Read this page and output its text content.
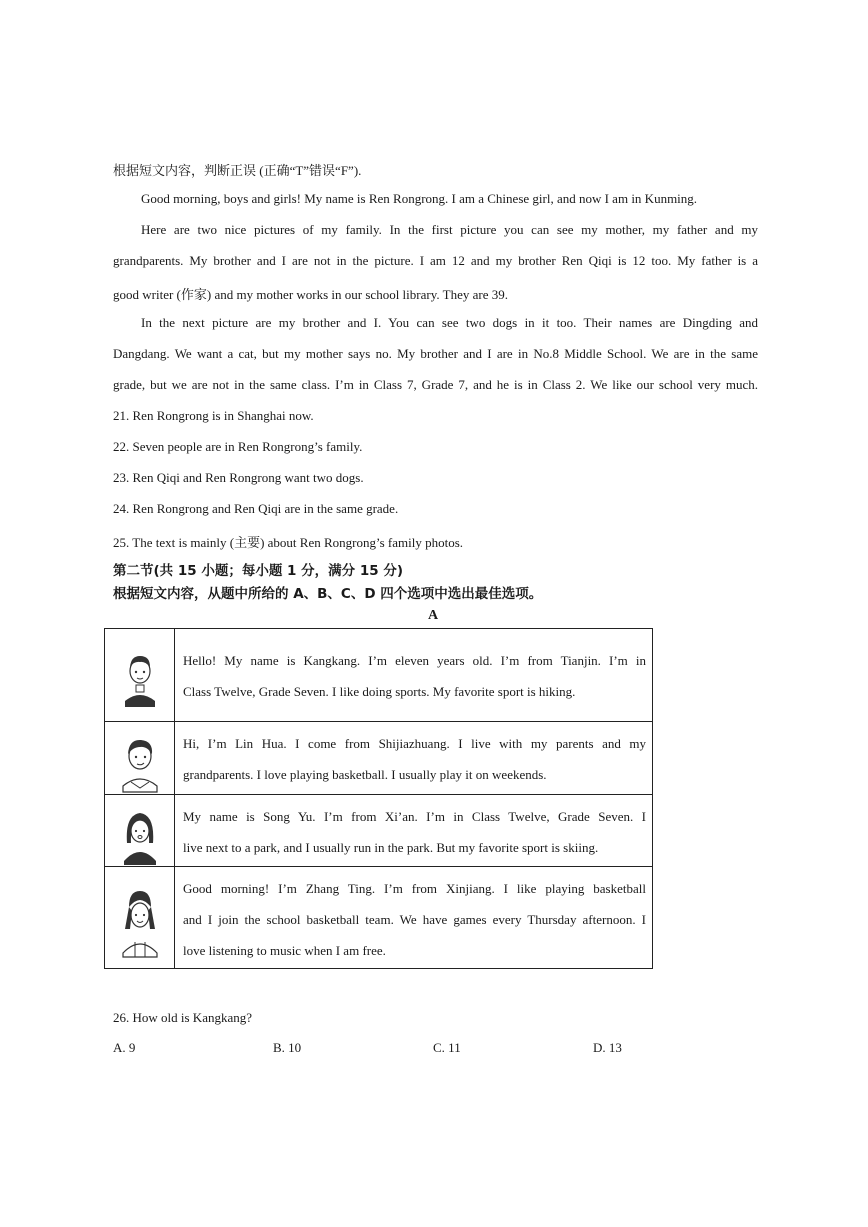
根据短文内容，判断正误 (正确“T”错误“F”).
Good morning, boys and girls! My name is Ren Rongrong. I am a Chinese girl, and now I am in Kunming.
Here are two nice pictures of my family. In the first picture you can see my mother, my father and my
grandparents. My brother and I are not in the picture. I am 12 and my brother Ren Qiqi is 12 too. My father is a
good writer (作家) and my mother works in our school library. They are 39.
In the next picture are my brother and I. You can see two dogs in it too. Their names are Dingding and
Dangdang. We want a cat, but my mother says no. My brother and I are in No.8 Middle School. We are in the same
grade, but we are not in the same class. I’m in Class 7, Grade 7, and he is in Class 2. We like our school very much.
21. Ren Rongrong is in Shanghai now.
22. Seven people are in Ren Rongrong’s family.
23. Ren Qiqi and Ren Rongrong want two dogs.
24. Ren Rongrong and Ren Qiqi are in the same grade.
25. The text is mainly (主要) about Ren Rongrong’s family photos.
第二节(共 15 小题；每小题 1 分，满分 15 分)
根据短文内容，从题中所给的 A、B、C、D 四个选项中选出最佳选项。
A
Hello! My name is Kangkang. I’m eleven years old. I’m from Tianjin. I’m in
Class Twelve, Grade Seven. I like doing sports. My favorite sport is hiking.
Hi, I’m Lin Hua. I come from Shijiazhuang. I live with my parents and my
grandparents. I love playing basketball. I usually play it on weekends.
My name is Song Yu. I’m from Xi’an. I’m in Class Twelve, Grade Seven. I
live next to a park, and I usually run in the park. But my favorite sport is skiing.
Good morning! I’m Zhang Ting. I’m from Xinjiang. I like playing basketball
and I join the school basketball team. We have games every Thursday afternoon. I
love listening to music when I am free.
26. How old is Kangkang?
A. 9	B. 10	C. 11	D. 13
